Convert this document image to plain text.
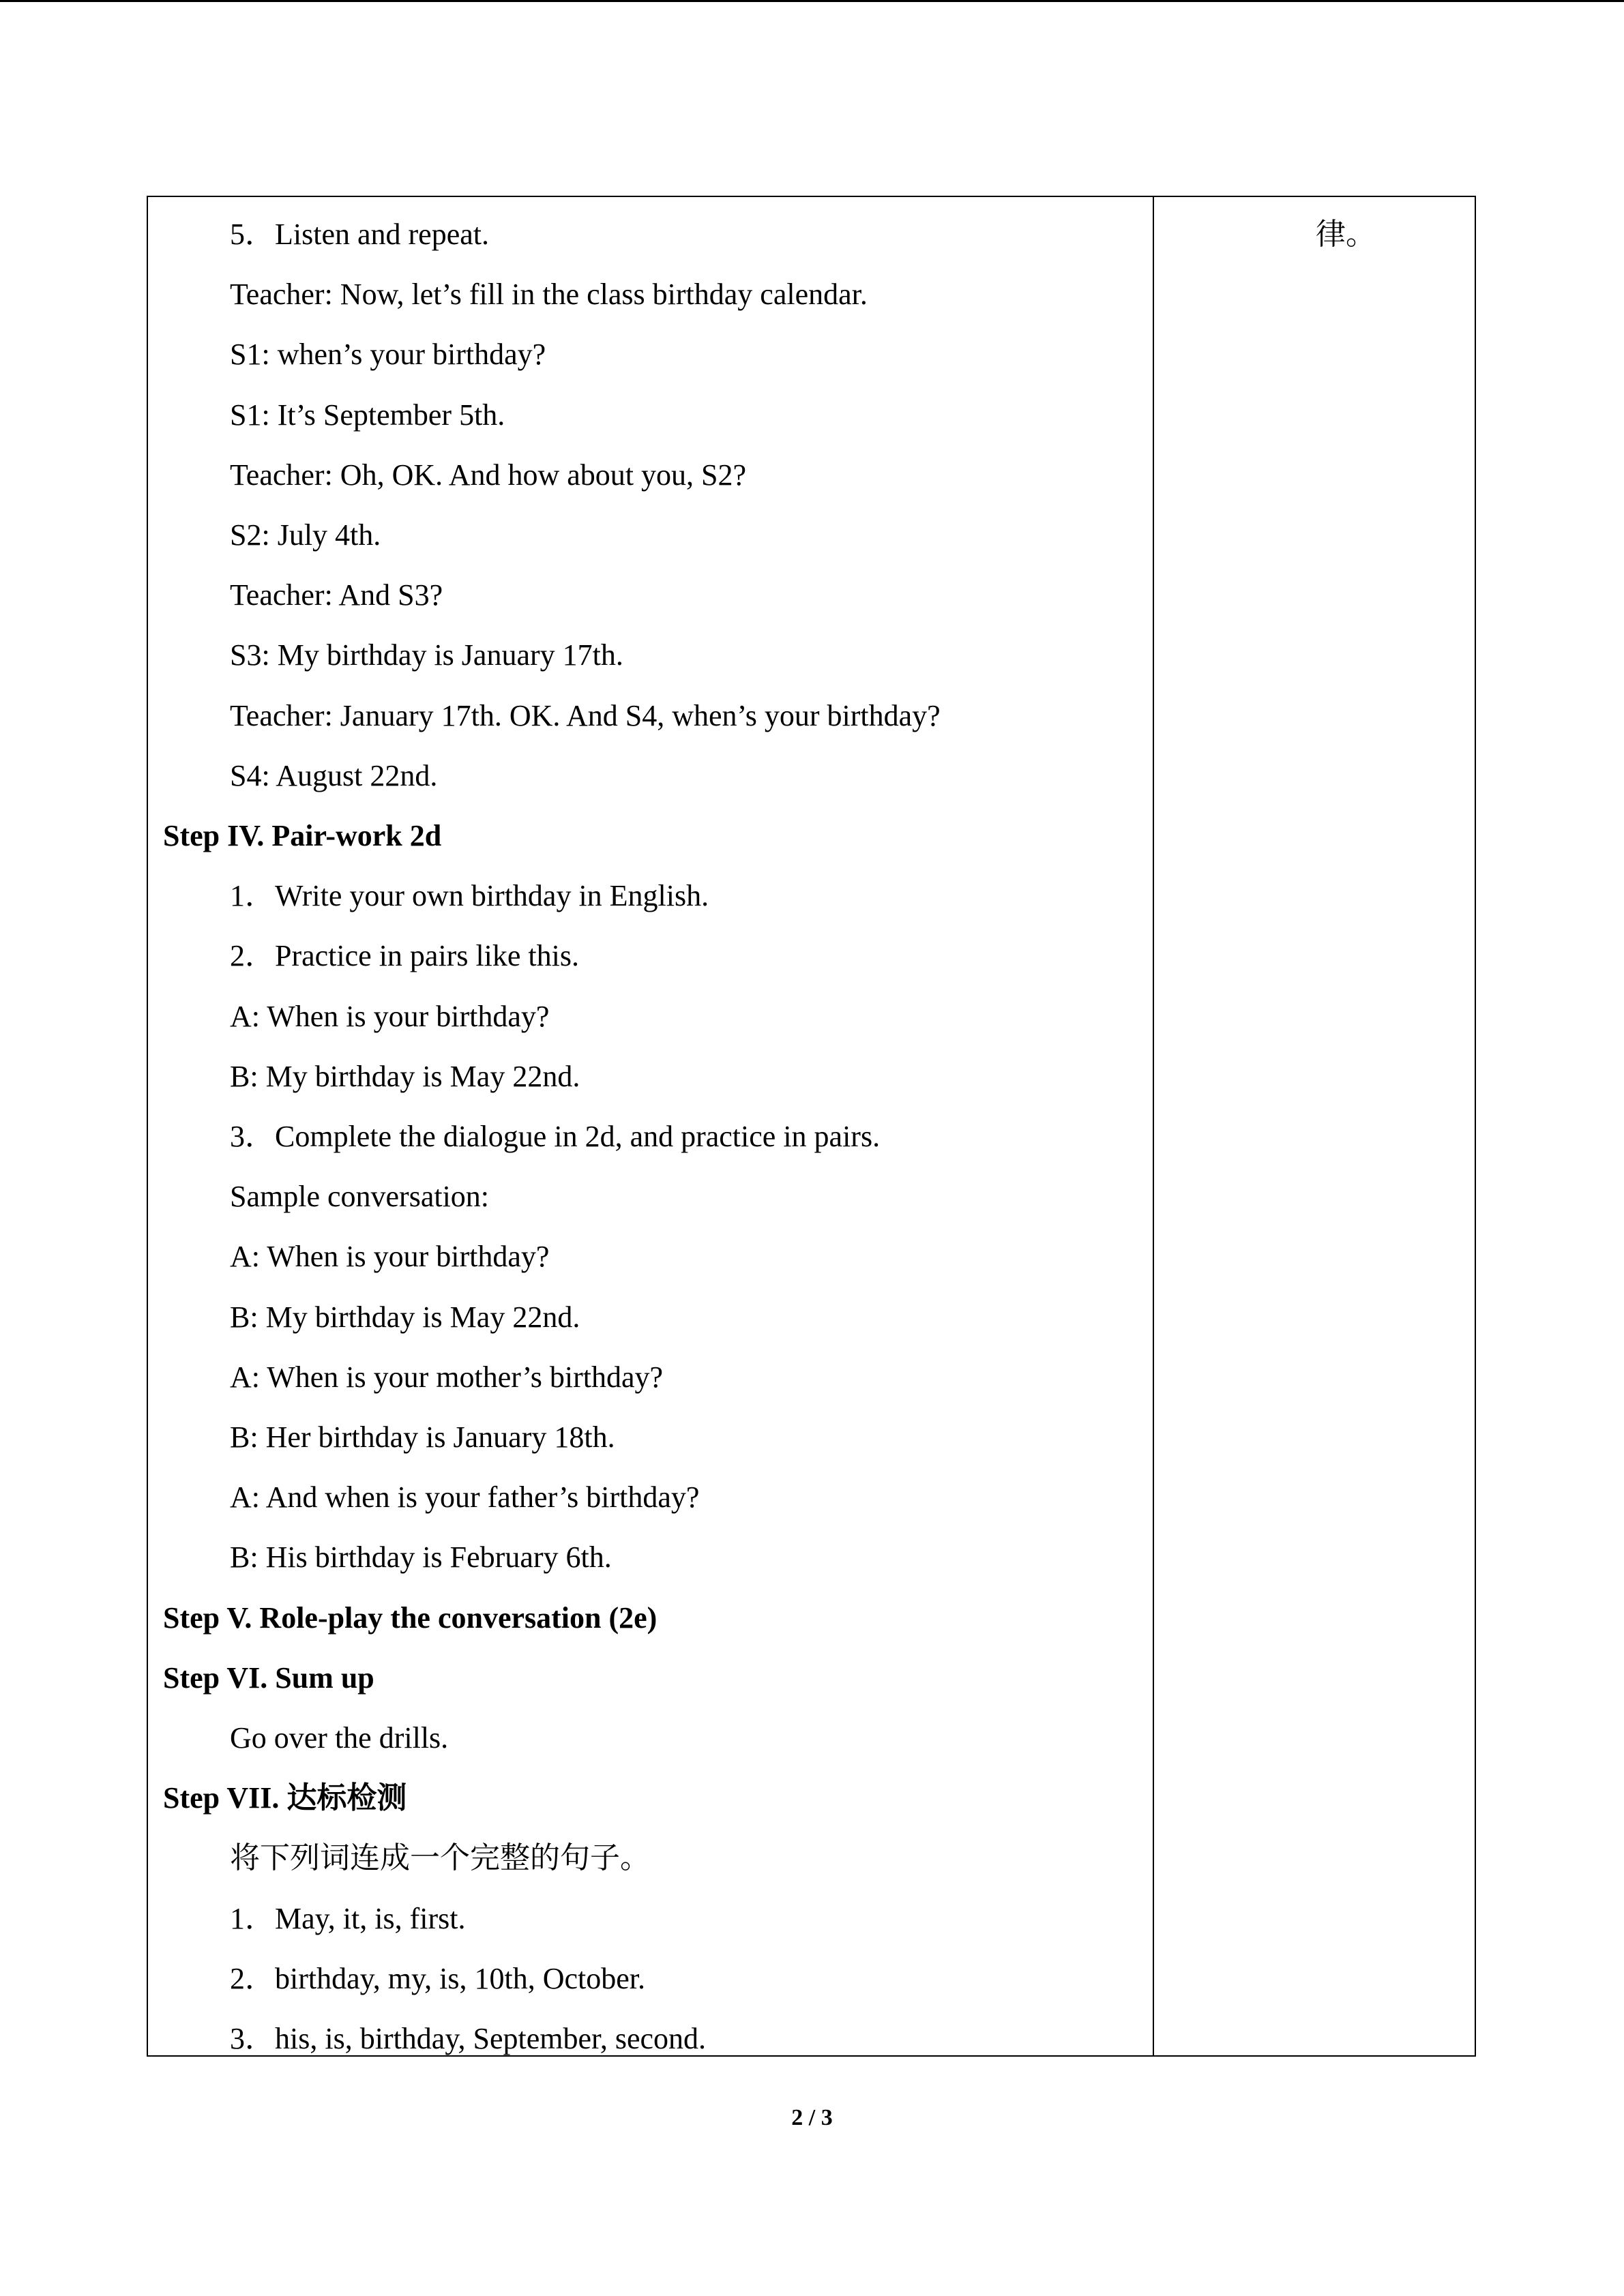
5．Listen and repeat.
Teacher: Now, let’s fill in the class birthday calendar.
S1: when’s your birthday?
S1: It’s September 5th.
Teacher: Oh, OK. And how about you, S2?
S2: July 4th.
Teacher: And S3?
S3: My birthday is January 17th.
Teacher: January 17th. OK. And S4, when’s your birthday?
S4: August 22nd.
Step IV. Pair-work 2d
1．Write your own birthday in English.
2．Practice in pairs like this.
A: When is your birthday?
B: My birthday is May 22nd.
3．Complete the dialogue in 2d, and practice in pairs.
Sample conversation:
A: When is your birthday?
B: My birthday is May 22nd.
A: When is your mother’s birthday?
B: Her birthday is January 18th.
A: And when is your father’s birthday?
B: His birthday is February 6th.
Step V. Role-play the conversation (2e)
Step VI. Sum up
Go over the drills.
Step VII. 达标检测
将下列词连成一个完整的句子。
1．May, it, is, first.
2．birthday, my, is, 10th, October.
3．his, is, birthday, September, second.
律。
2 / 3
